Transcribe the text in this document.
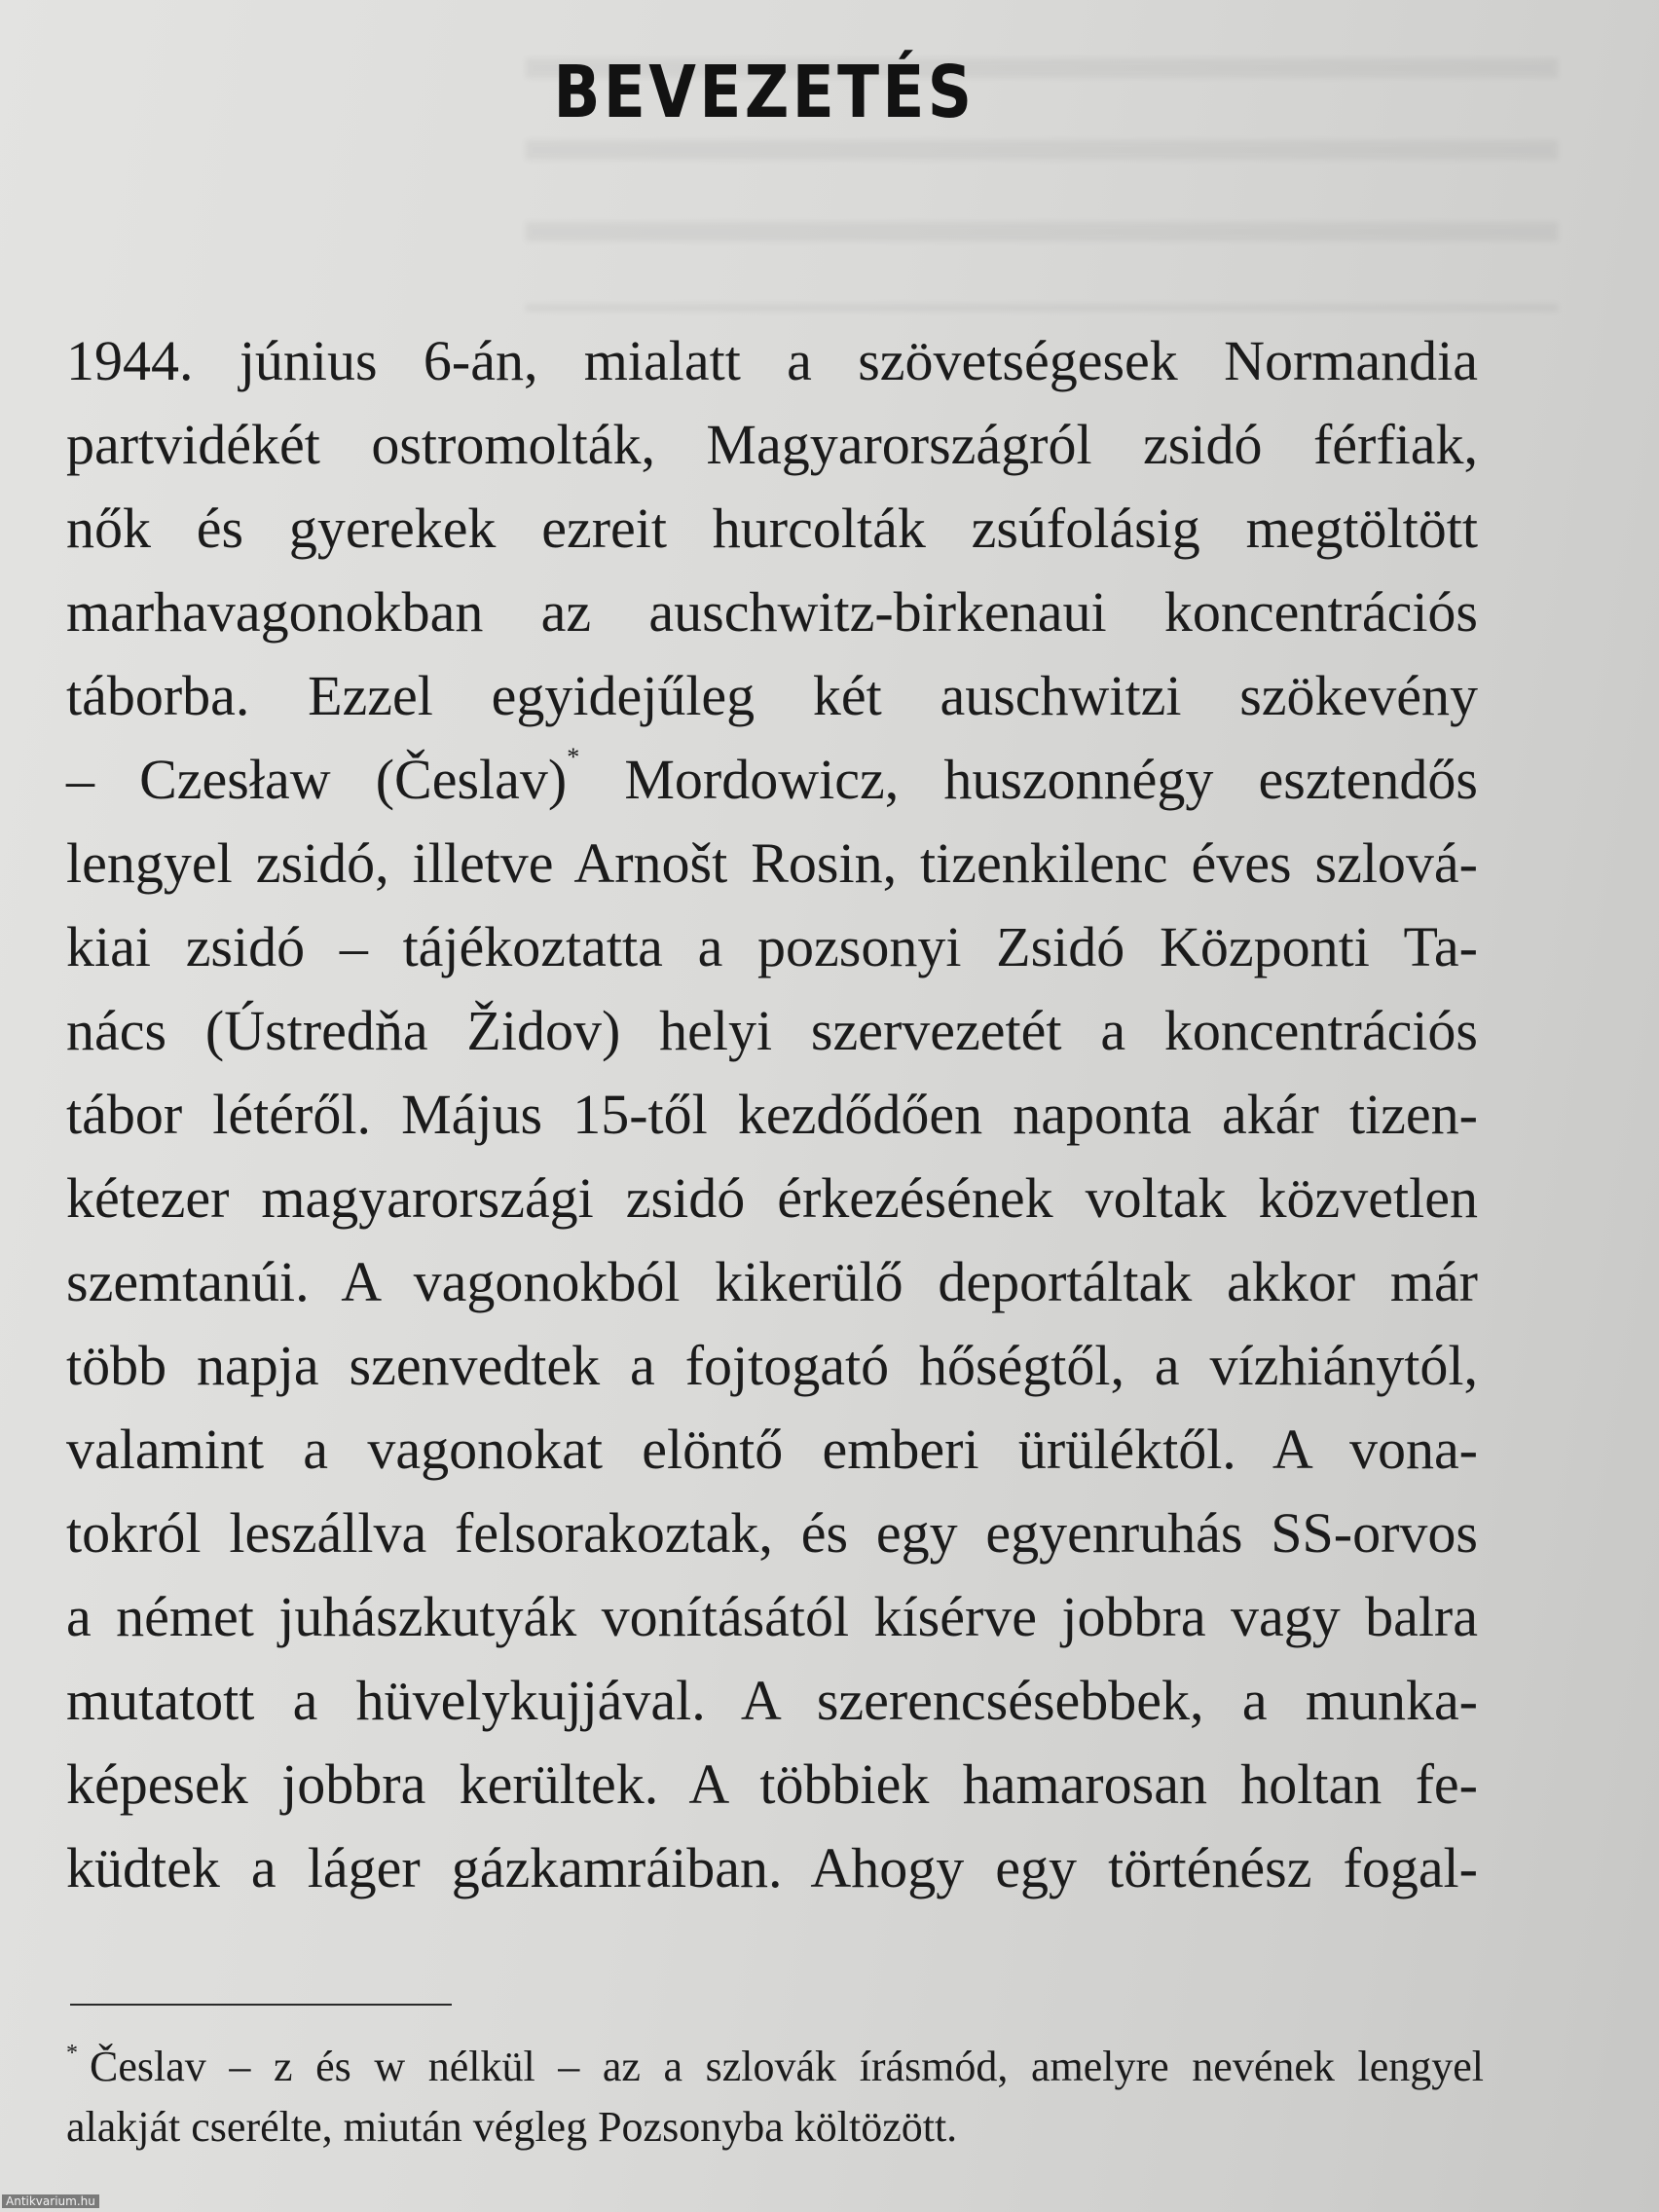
BEVEZETÉS
1944. június 6-án, mialatt a szövetségesek Normandia
partvidékét ostromolták, Magyarországról zsidó férfiak,
nők és gyerekek ezreit hurcolták zsúfolásig megtöltött
marhavagonokban az auschwitz-birkenaui koncentrációs
táborba. Ezzel egyidejűleg két auschwitzi szökevény
– Czesław (Česlav)* Mordowicz, huszonnégy esztendős
lengyel zsidó, illetve Arnošt Rosin, tizenkilenc éves szlová-
kiai zsidó – tájékoztatta a pozsonyi Zsidó Központi Ta-
nács (Ústredňa Židov) helyi szervezetét a koncentrációs
tábor létéről. Május 15-től kezdődően naponta akár tizen-
kétezer magyarországi zsidó érkezésének voltak közvetlen
szemtanúi. A vagonokból kikerülő deportáltak akkor már
több napja szenvedtek a fojtogató hőségtől, a vízhiánytól,
valamint a vagonokat elöntő emberi ürüléktől. A vona-
tokról leszállva felsorakoztak, és egy egyenruhás SS-orvos
a német juhászkutyák vonításától kísérve jobbra vagy balra
mutatott a hüvelykujjával. A szerencsésebbek, a munka-
képesek jobbra kerültek. A többiek hamarosan holtan fe-
küdtek a láger gázkamráiban. Ahogy egy történész fogal-
* Česlav – z és w nélkül – az a szlovák írásmód, amelyre nevének lengyel
alakját cserélte, miután végleg Pozsonyba költözött.
Antikvarium.hu
